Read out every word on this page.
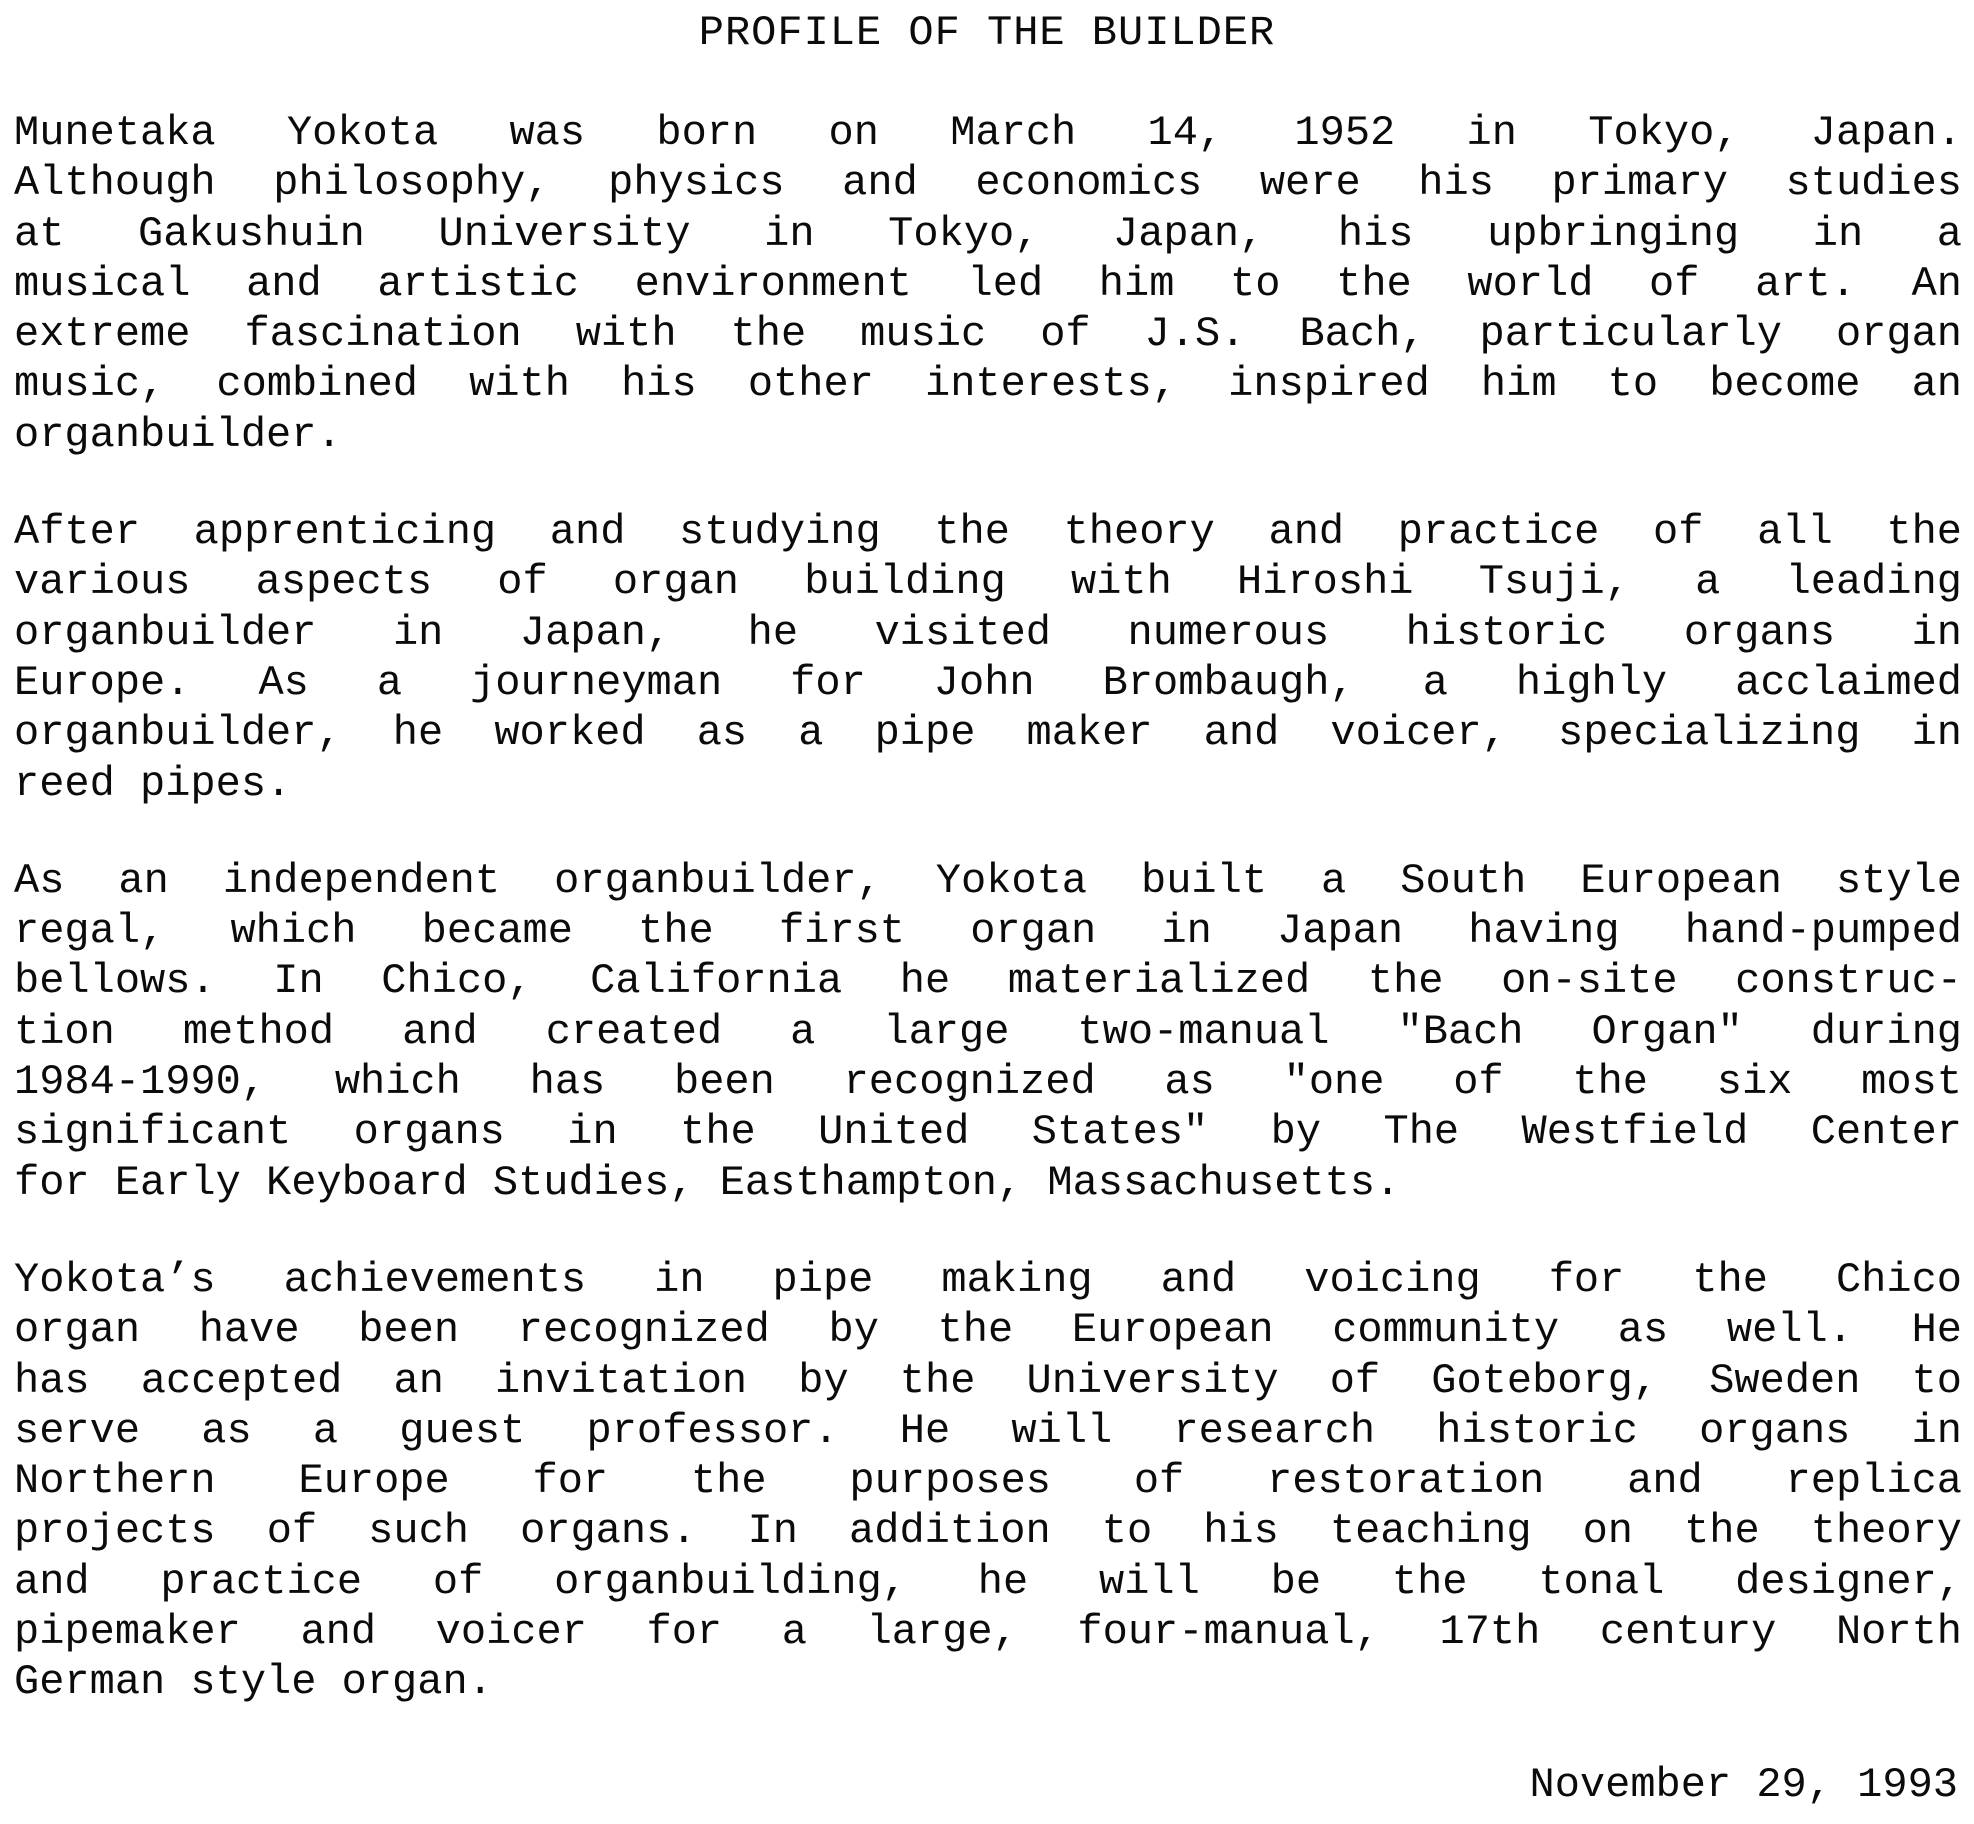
PROFILE OF THE BUILDER
Munetaka Yokota was born on March 14, 1952 in Tokyo, Japan.
Although philosophy, physics and economics were his primary studies
at Gakushuin University in Tokyo, Japan, his upbringing in a
musical and artistic environment led him to the world of art. An
extreme fascination with the music of J.S. Bach, particularly organ
music, combined with his other interests, inspired him to become an
organbuilder.
After apprenticing and studying the theory and practice of all the
various aspects of organ building with Hiroshi Tsuji, a leading
organbuilder in Japan, he visited numerous historic organs in
Europe. As a journeyman for John Brombaugh, a highly acclaimed
organbuilder, he worked as a pipe maker and voicer, specializing in
reed pipes.
As an independent organbuilder, Yokota built a South European style
regal, which became the first organ in Japan having hand-pumped
bellows. In Chico, California he materialized the on-site construc-
tion method and created a large two-manual "Bach Organ" during
1984-1990, which has been recognized as "one of the six most
significant organs in the United States" by The Westfield Center
for Early Keyboard Studies, Easthampton, Massachusetts.
Yokota’s achievements in pipe making and voicing for the Chico
organ have been recognized by the European community as well. He
has accepted an invitation by the University of Goteborg, Sweden to
serve as a guest professor. He will research historic organs in
Northern Europe for the purposes of restoration and replica
projects of such organs. In addition to his teaching on the theory
and practice of organbuilding, he will be the tonal designer,
pipemaker and voicer for a large, four-manual, 17th century North
German style organ.
November 29, 1993
